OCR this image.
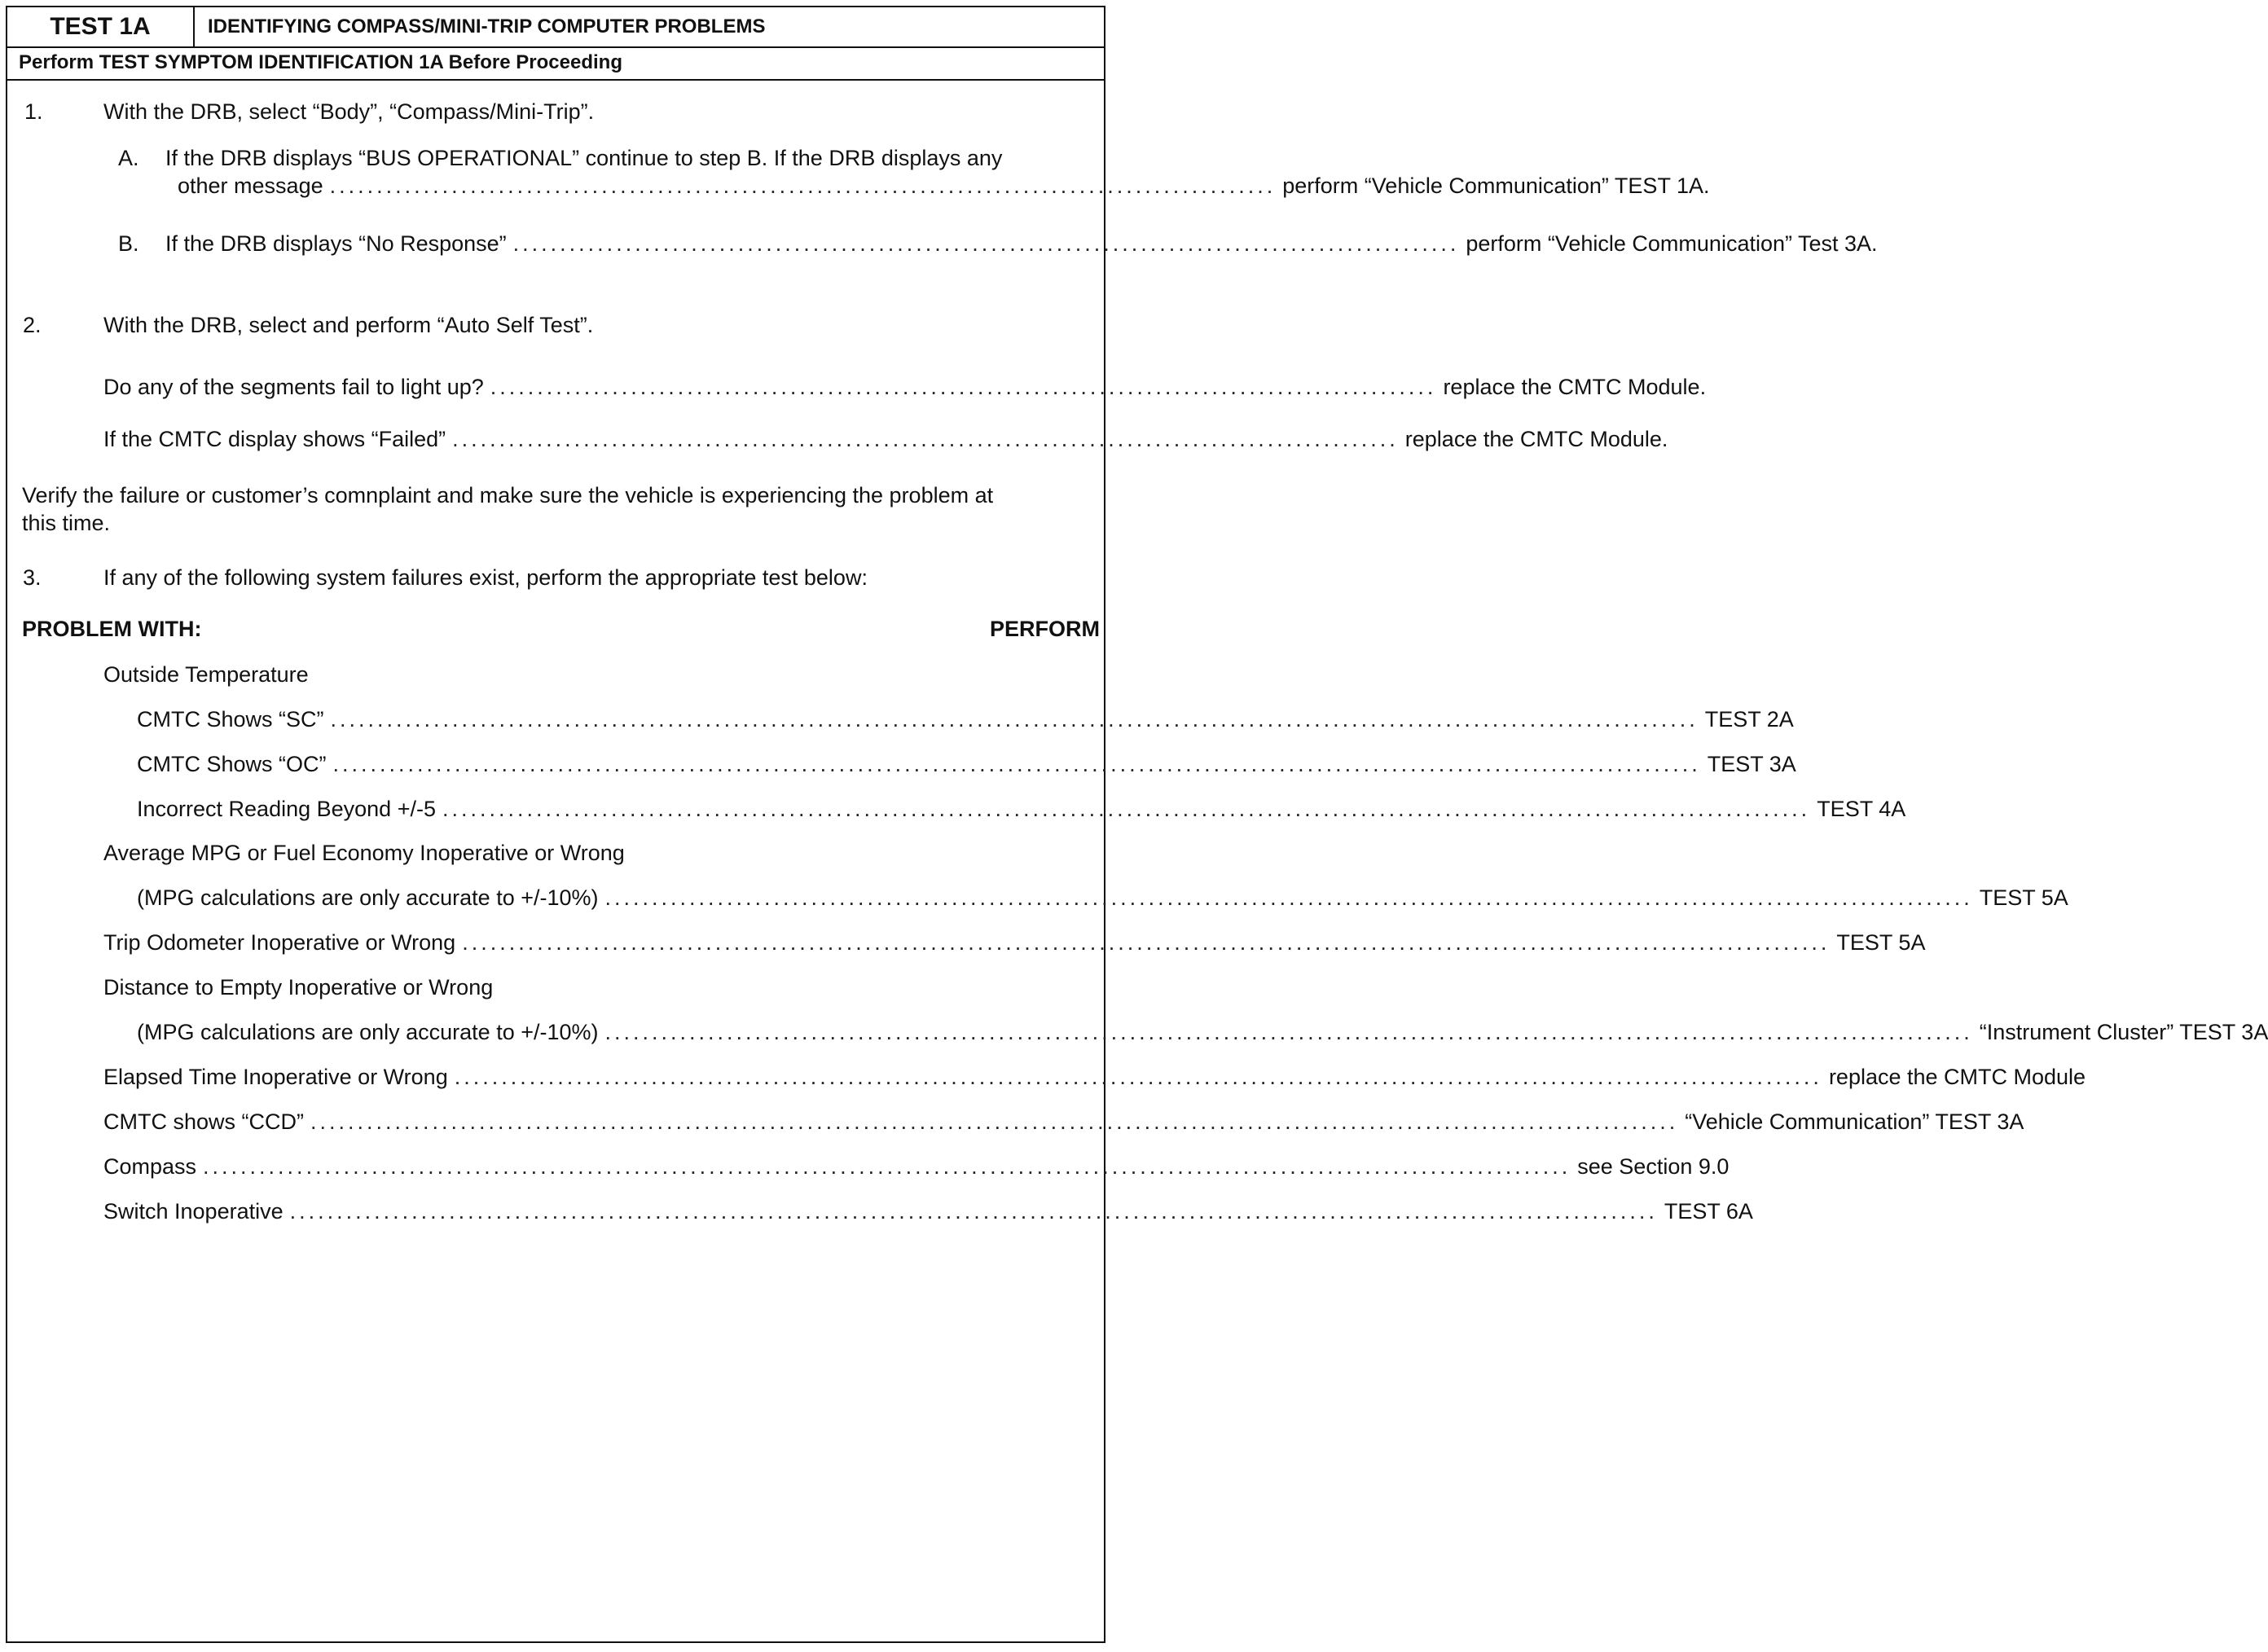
TEST 1A	IDENTIFYING COMPASS/MINI-TRIP COMPUTER PROBLEMS
Perform TEST SYMPTOM IDENTIFICATION 1A Before Proceeding
1.	With the DRB, select “Body”, “Compass/Mini-Trip”.
A. If the DRB displays “BUS OPERATIONAL” continue to step B. If the DRB displays any
other message ..................................................................................................... perform “Vehicle Communication” TEST 1A.
B. If the DRB displays “No Response” ..................................................................................................... perform “Vehicle Communication” Test 3A.
2.	With the DRB, select and perform “Auto Self Test”.
Do any of the segments fail to light up? ..................................................................................................... replace the CMTC Module.
If the CMTC display shows “Failed” ..................................................................................................... replace the CMTC Module.
Verify the failure or customer’s comnplaint and make sure the vehicle is experiencing the problem at
this time.
3.	If any of the following system failures exist, perform the appropriate test below:
PROBLEM WITH:	PERFORM
Outside Temperature
CMTC Shows “SC” .................................................................................................................................................. TEST 2A
CMTC Shows “OC” .................................................................................................................................................. TEST 3A
Incorrect Reading Beyond +/-5 .................................................................................................................................................. TEST 4A
Average MPG or Fuel Economy Inoperative or Wrong
(MPG calculations are only accurate to +/-10%) .................................................................................................................................................. TEST 5A
Trip Odometer Inoperative or Wrong .................................................................................................................................................. TEST 5A
Distance to Empty Inoperative or Wrong
(MPG calculations are only accurate to +/-10%) .................................................................................................................................................. “Instrument Cluster” TEST 3A
Elapsed Time Inoperative or Wrong .................................................................................................................................................. replace the CMTC Module
CMTC shows “CCD” .................................................................................................................................................. “Vehicle Communication” TEST 3A
Compass .................................................................................................................................................. see Section 9.0
Switch Inoperative .................................................................................................................................................. TEST 6A
